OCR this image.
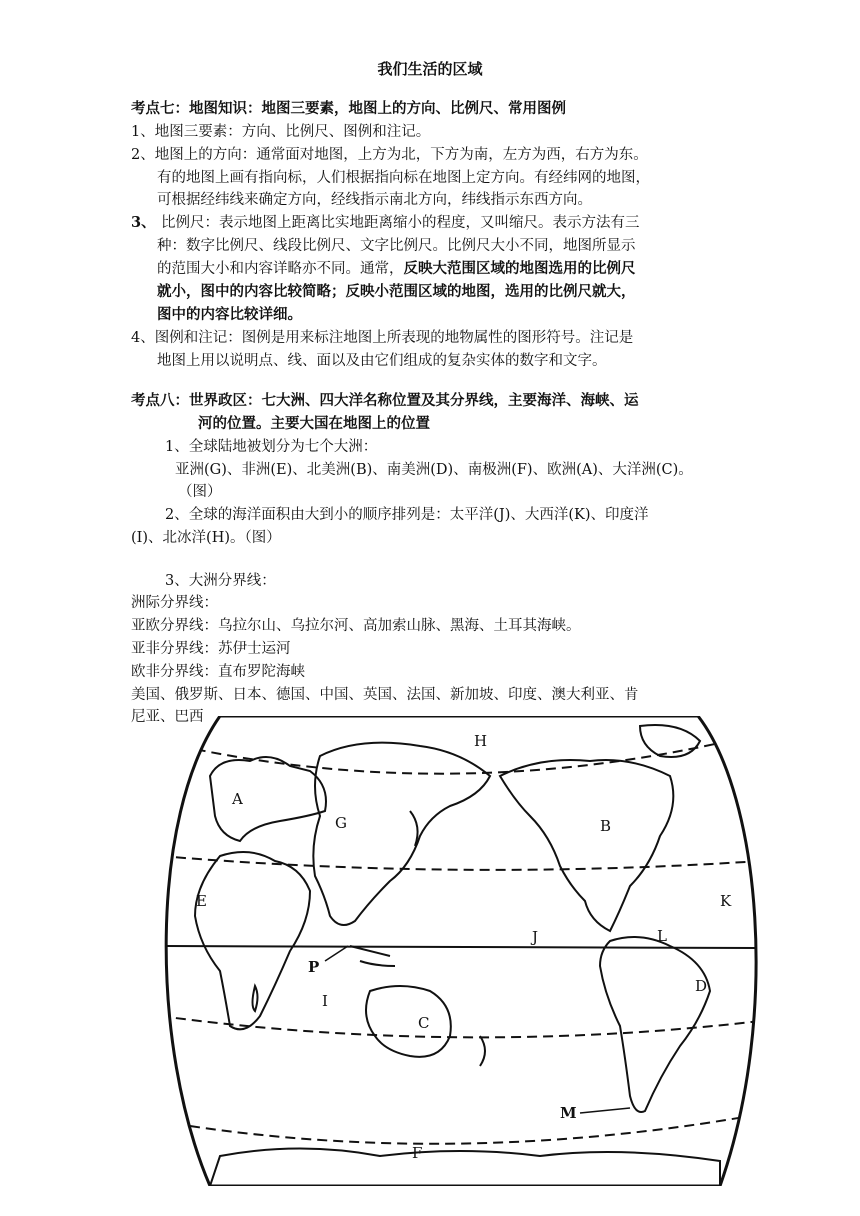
我们生活的区域
考点七：地图知识：地图三要素，地图上的方向、比例尺、常用图例
1、地图三要素：方向、比例尺、图例和注记。
2、地图上的方向：通常面对地图，上方为北，下方为南，左方为西，右方为东。
有的地图上画有指向标，人们根据指向标在地图上定方向。有经纬网的地图，
可根据经纬线来确定方向，经线指示南北方向，纬线指示东西方向。
3、 比例尺：表示地图上距离比实地距离缩小的程度，又叫缩尺。表示方法有三
种：数字比例尺、线段比例尺、文字比例尺。比例尺大小不同，地图所显示
的范围大小和内容详略亦不同。通常，反映大范围区域的地图选用的比例尺
就小，图中的内容比较简略；反映小范围区域的地图，选用的比例尺就大，
图中的内容比较详细。
4、图例和注记：图例是用来标注地图上所表现的地物属性的图形符号。注记是
地图上用以说明点、线、面以及由它们组成的复杂实体的数字和文字。
考点八：世界政区：七大洲、四大洋名称位置及其分界线，主要海洋、海峡、运
河的位置。主要大国在地图上的位置
1、全球陆地被划分为七个大洲：
亚洲(G)、非洲(E)、北美洲(B)、南美洲(D)、南极洲(F)、欧洲(A)、大洋洲(C)。
（图）
2、全球的海洋面积由大到小的顺序排列是：太平洋(J)、大西洋(K)、印度洋
(I)、北冰洋(H)。（图）
3、大洲分界线：
洲际分界线：
亚欧分界线：乌拉尔山、乌拉尔河、高加索山脉、黑海、土耳其海峡。
亚非分界线：苏伊士运河
欧非分界线：直布罗陀海峡
美国、俄罗斯、日本、德国、中国、英国、法国、新加坡、印度、澳大利亚、肯
尼亚、巴西
A
B
C
D
E
F
G
H
I
J
K
L
M
P
